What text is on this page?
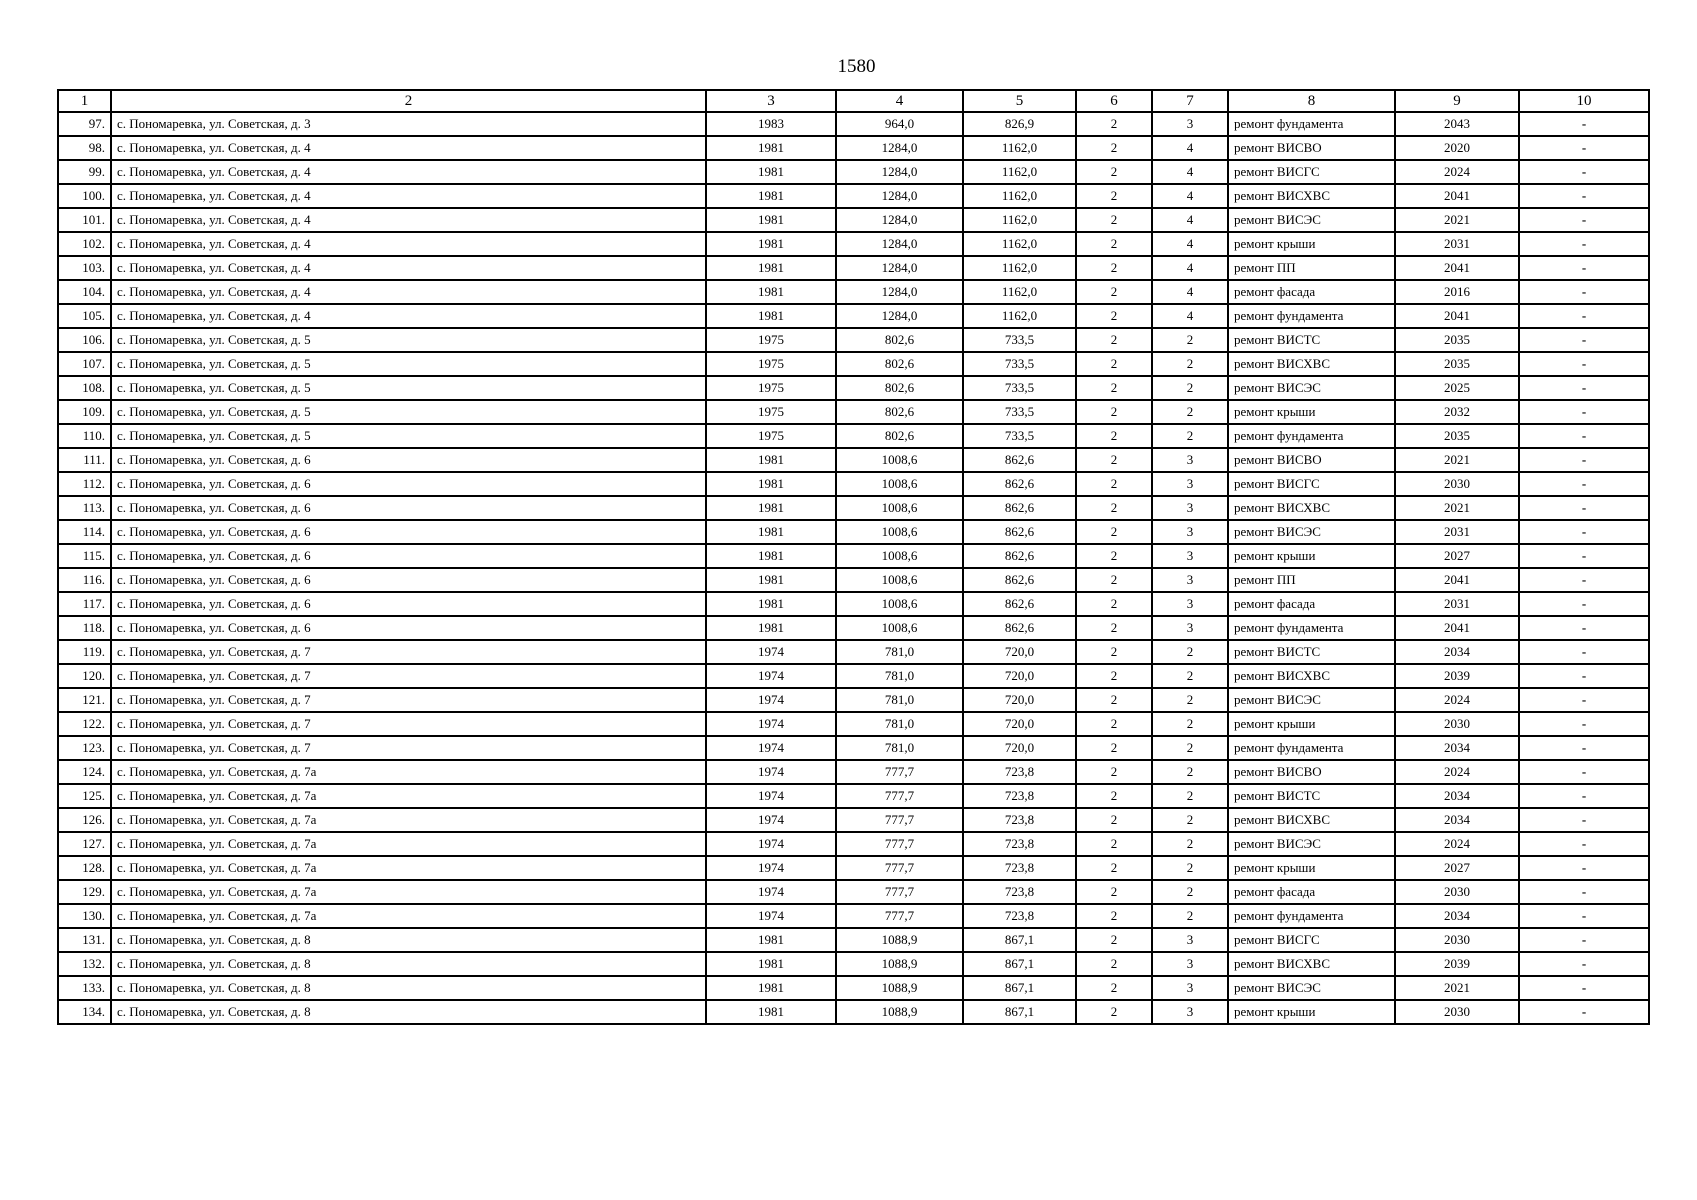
1580
1	2	3	4	5	6	7	8	9	10
97.	с. Пономаревка, ул. Советская, д. 3	1983	964,0	826,9	2	3	ремонт фундамента	2043	-
98.	с. Пономаревка, ул. Советская, д. 4	1981	1284,0	1162,0	2	4	ремонт ВИСВО	2020	-
99.	с. Пономаревка, ул. Советская, д. 4	1981	1284,0	1162,0	2	4	ремонт ВИСГС	2024	-
100.	с. Пономаревка, ул. Советская, д. 4	1981	1284,0	1162,0	2	4	ремонт ВИСХВС	2041	-
101.	с. Пономаревка, ул. Советская, д. 4	1981	1284,0	1162,0	2	4	ремонт ВИСЭС	2021	-
102.	с. Пономаревка, ул. Советская, д. 4	1981	1284,0	1162,0	2	4	ремонт крыши	2031	-
103.	с. Пономаревка, ул. Советская, д. 4	1981	1284,0	1162,0	2	4	ремонт ПП	2041	-
104.	с. Пономаревка, ул. Советская, д. 4	1981	1284,0	1162,0	2	4	ремонт фасада	2016	-
105.	с. Пономаревка, ул. Советская, д. 4	1981	1284,0	1162,0	2	4	ремонт фундамента	2041	-
106.	с. Пономаревка, ул. Советская, д. 5	1975	802,6	733,5	2	2	ремонт ВИСТС	2035	-
107.	с. Пономаревка, ул. Советская, д. 5	1975	802,6	733,5	2	2	ремонт ВИСХВС	2035	-
108.	с. Пономаревка, ул. Советская, д. 5	1975	802,6	733,5	2	2	ремонт ВИСЭС	2025	-
109.	с. Пономаревка, ул. Советская, д. 5	1975	802,6	733,5	2	2	ремонт крыши	2032	-
110.	с. Пономаревка, ул. Советская, д. 5	1975	802,6	733,5	2	2	ремонт фундамента	2035	-
111.	с. Пономаревка, ул. Советская, д. 6	1981	1008,6	862,6	2	3	ремонт ВИСВО	2021	-
112.	с. Пономаревка, ул. Советская, д. 6	1981	1008,6	862,6	2	3	ремонт ВИСГС	2030	-
113.	с. Пономаревка, ул. Советская, д. 6	1981	1008,6	862,6	2	3	ремонт ВИСХВС	2021	-
114.	с. Пономаревка, ул. Советская, д. 6	1981	1008,6	862,6	2	3	ремонт ВИСЭС	2031	-
115.	с. Пономаревка, ул. Советская, д. 6	1981	1008,6	862,6	2	3	ремонт крыши	2027	-
116.	с. Пономаревка, ул. Советская, д. 6	1981	1008,6	862,6	2	3	ремонт ПП	2041	-
117.	с. Пономаревка, ул. Советская, д. 6	1981	1008,6	862,6	2	3	ремонт фасада	2031	-
118.	с. Пономаревка, ул. Советская, д. 6	1981	1008,6	862,6	2	3	ремонт фундамента	2041	-
119.	с. Пономаревка, ул. Советская, д. 7	1974	781,0	720,0	2	2	ремонт ВИСТС	2034	-
120.	с. Пономаревка, ул. Советская, д. 7	1974	781,0	720,0	2	2	ремонт ВИСХВС	2039	-
121.	с. Пономаревка, ул. Советская, д. 7	1974	781,0	720,0	2	2	ремонт ВИСЭС	2024	-
122.	с. Пономаревка, ул. Советская, д. 7	1974	781,0	720,0	2	2	ремонт крыши	2030	-
123.	с. Пономаревка, ул. Советская, д. 7	1974	781,0	720,0	2	2	ремонт фундамента	2034	-
124.	с. Пономаревка, ул. Советская, д. 7а	1974	777,7	723,8	2	2	ремонт ВИСВО	2024	-
125.	с. Пономаревка, ул. Советская, д. 7а	1974	777,7	723,8	2	2	ремонт ВИСТС	2034	-
126.	с. Пономаревка, ул. Советская, д. 7а	1974	777,7	723,8	2	2	ремонт ВИСХВС	2034	-
127.	с. Пономаревка, ул. Советская, д. 7а	1974	777,7	723,8	2	2	ремонт ВИСЭС	2024	-
128.	с. Пономаревка, ул. Советская, д. 7а	1974	777,7	723,8	2	2	ремонт крыши	2027	-
129.	с. Пономаревка, ул. Советская, д. 7а	1974	777,7	723,8	2	2	ремонт фасада	2030	-
130.	с. Пономаревка, ул. Советская, д. 7а	1974	777,7	723,8	2	2	ремонт фундамента	2034	-
131.	с. Пономаревка, ул. Советская, д. 8	1981	1088,9	867,1	2	3	ремонт ВИСГС	2030	-
132.	с. Пономаревка, ул. Советская, д. 8	1981	1088,9	867,1	2	3	ремонт ВИСХВС	2039	-
133.	с. Пономаревка, ул. Советская, д. 8	1981	1088,9	867,1	2	3	ремонт ВИСЭС	2021	-
134.	с. Пономаревка, ул. Советская, д. 8	1981	1088,9	867,1	2	3	ремонт крыши	2030	-
